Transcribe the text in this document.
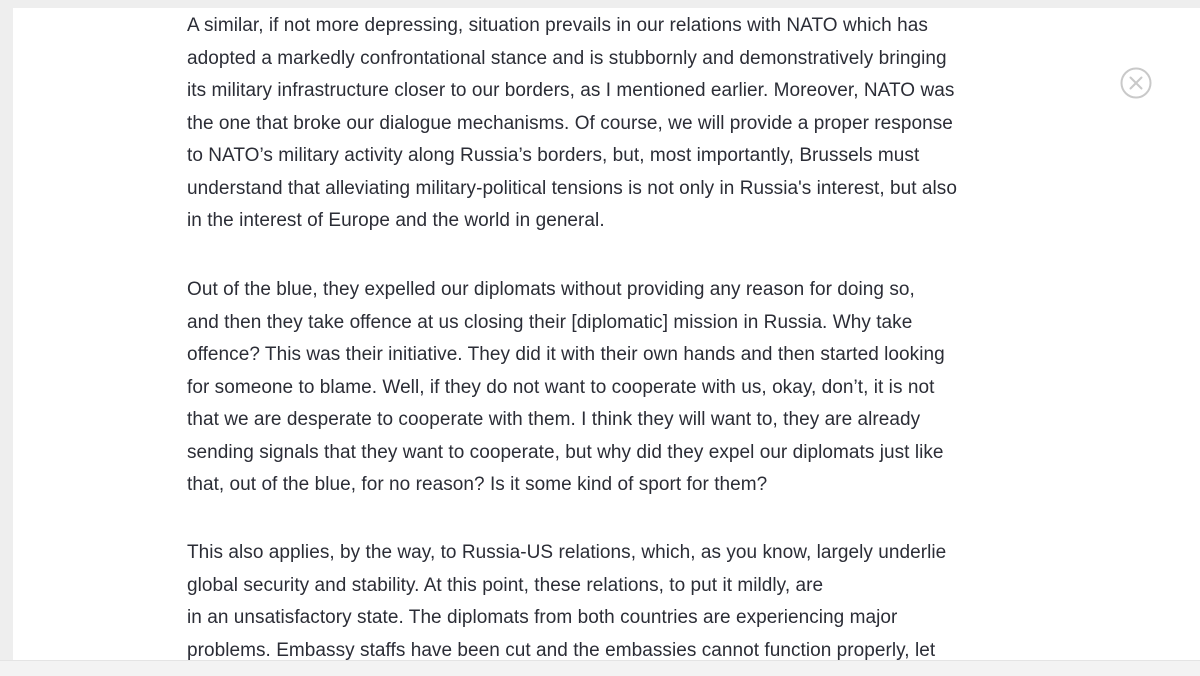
A similar, if not more depressing, situation prevails in our relations with NATO which has
adopted a markedly confrontational stance and is stubbornly and demonstratively bringing
its military infrastructure closer to our borders, as I mentioned earlier. Moreover, NATO was
the one that broke our dialogue mechanisms. Of course, we will provide a proper response
to NATO’s military activity along Russia’s borders, but, most importantly, Brussels must
understand that alleviating military-political tensions is not only in Russia's interest, but also
in the interest of Europe and the world in general.

Out of the blue, they expelled our diplomats without providing any reason for doing so,
and then they take offence at us closing their [diplomatic] mission in Russia. Why take
offence? This was their initiative. They did it with their own hands and then started looking
for someone to blame. Well, if they do not want to cooperate with us, okay, don’t, it is not
that we are desperate to cooperate with them. I think they will want to, they are already
sending signals that they want to cooperate, but why did they expel our diplomats just like
that, out of the blue, for no reason? Is it some kind of sport for them?

This also applies, by the way, to Russia-US relations, which, as you know, largely underlie
global security and stability. At this point, these relations, to put it mildly, are
in an unsatisfactory state. The diplomats from both countries are experiencing major
problems. Embassy staffs have been cut and the embassies cannot function properly, let
